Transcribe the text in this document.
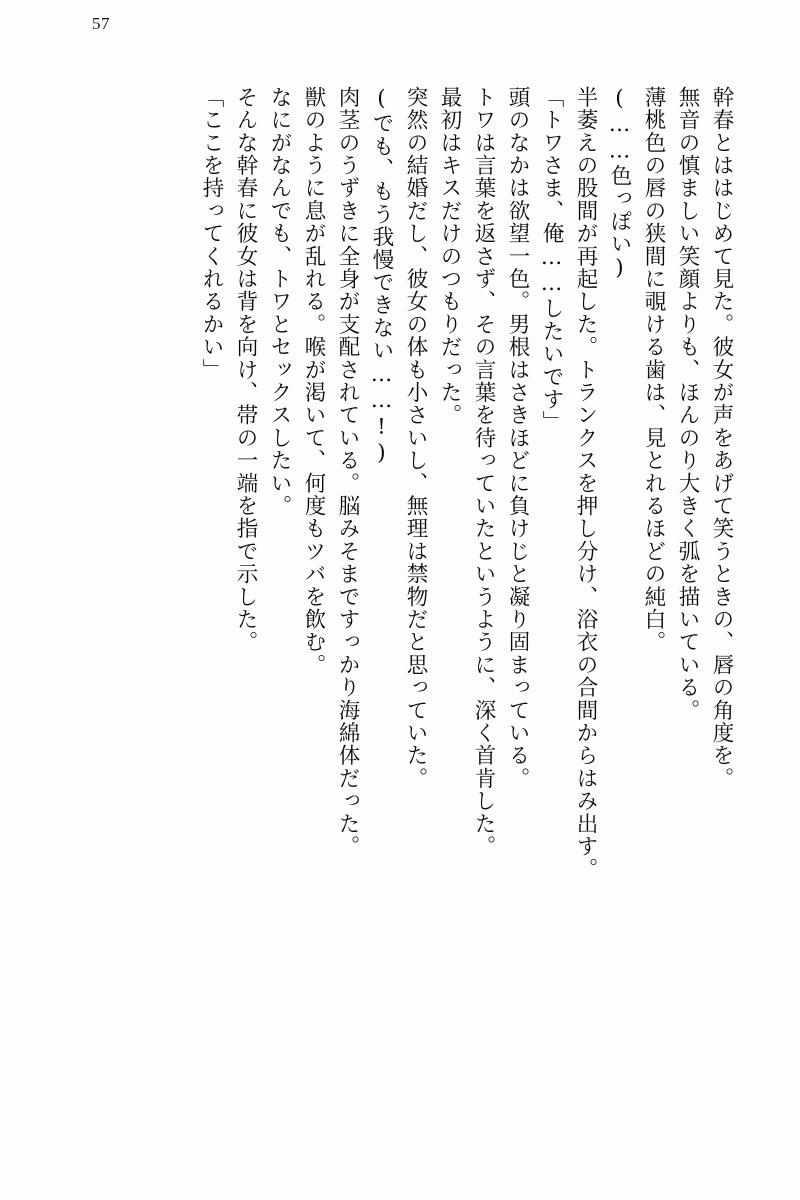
57
幹春とははじめて見た。彼女が声をあげて笑うときの、唇の角度を。
無音の慎ましい笑顔よりも、ほんのり大きく弧を描いている。
薄桃色の唇の狭間に覗ける歯は、見とれるほどの純白。
(……色っぽい)
半萎えの股間が再起した。トランクスを押し分け、浴衣の合間からはみ出す。
「トワさま、俺……したいです」
頭のなかは欲望一色。男根はさきほどに負けじと凝り固まっている。
トワは言葉を返さず、その言葉を待っていたというように、深く首肯した。
最初はキスだけのつもりだった。
突然の結婚だし、彼女の体も小さいし、無理は禁物だと思っていた。
(でも、もう我慢できない……!)
肉茎のうずきに全身が支配されている。脳みそまですっかり海綿体だった。
獣のように息が乱れる。喉が渇いて、何度もツバを飲む。
なにがなんでも、トワとセックスしたい。
そんな幹春に彼女は背を向け、帯の一端を指で示した。
「ここを持ってくれるかい」
